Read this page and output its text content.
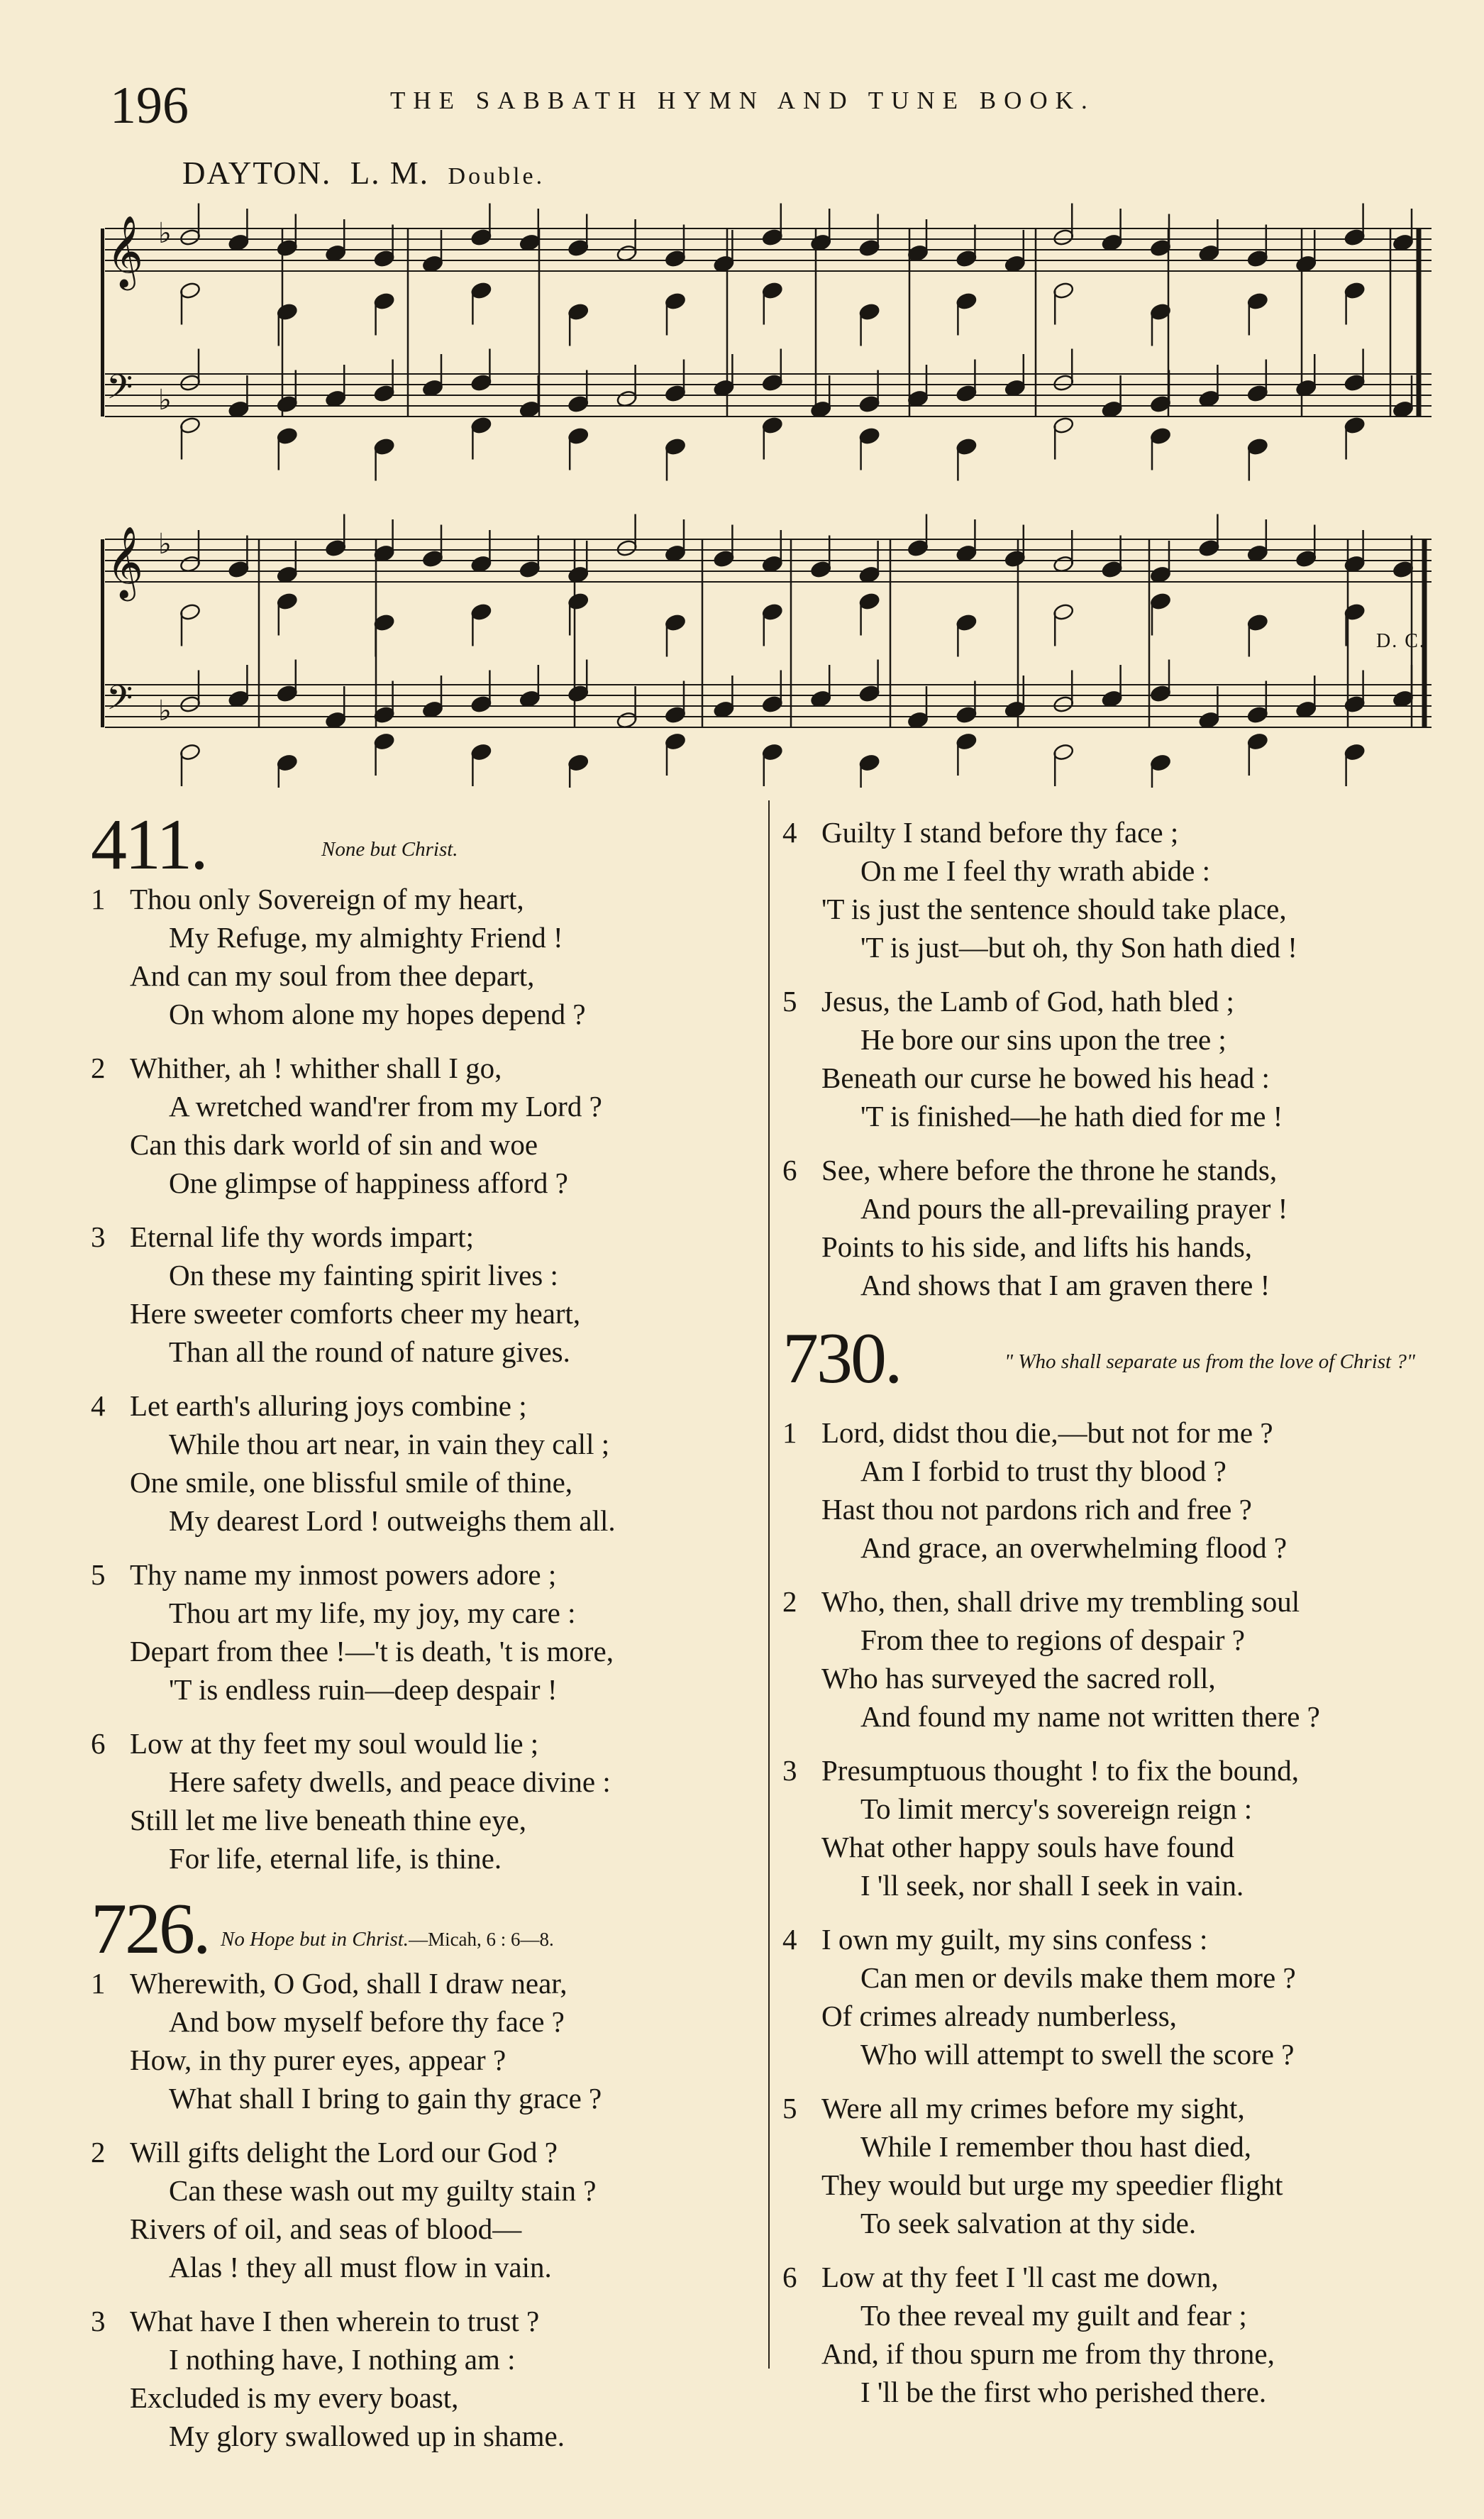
196	THE SABBATH HYMN AND TUNE BOOK.
DAYTON. L. M. Double.
𝄞 ♭
𝄢 ♭
𝄞 ♭
𝄢 ♭
D. C.
411.	None but Christ.
1 Thou only Sovereign of my heart,
My Refuge, my almighty Friend !
And can my soul from thee depart,
On whom alone my hopes depend ?
2 Whither, ah ! whither shall I go,
A wretched wand'rer from my Lord ?
Can this dark world of sin and woe
One glimpse of happiness afford ?
3 Eternal life thy words impart;
On these my fainting spirit lives :
Here sweeter comforts cheer my heart,
Than all the round of nature gives.
4 Let earth's alluring joys combine ;
While thou art near, in vain they call ;
One smile, one blissful smile of thine,
My dearest Lord ! outweighs them all.
5 Thy name my inmost powers adore ;
Thou art my life, my joy, my care :
Depart from thee !—'t is death, 't is more,
'T is endless ruin—deep despair !
6 Low at thy feet my soul would lie ;
Here safety dwells, and peace divine :
Still let me live beneath thine eye,
For life, eternal life, is thine.
726. No Hope but in Christ.—Micah, 6 : 6—8.
1 Wherewith, O God, shall I draw near,
And bow myself before thy face ?
How, in thy purer eyes, appear ?
What shall I bring to gain thy grace ?
2 Will gifts delight the Lord our God ?
Can these wash out my guilty stain ?
Rivers of oil, and seas of blood—
Alas ! they all must flow in vain.
3 What have I then wherein to trust ?
I nothing have, I nothing am :
Excluded is my every boast,
My glory swallowed up in shame.
4 Guilty I stand before thy face ;
On me I feel thy wrath abide :
'T is just the sentence should take place,
'T is just—but oh, thy Son hath died !
5 Jesus, the Lamb of God, hath bled ;
He bore our sins upon the tree ;
Beneath our curse he bowed his head :
'T is finished—he hath died for me !
6 See, where before the throne he stands,
And pours the all-prevailing prayer !
Points to his side, and lifts his hands,
And shows that I am graven there !
730.	" Who shall separate us from the love of Christ ?"
1 Lord, didst thou die,—but not for me ?
Am I forbid to trust thy blood ?
Hast thou not pardons rich and free ?
And grace, an overwhelming flood ?
2 Who, then, shall drive my trembling soul
From thee to regions of despair ?
Who has surveyed the sacred roll,
And found my name not written there ?
3 Presumptuous thought ! to fix the bound,
To limit mercy's sovereign reign :
What other happy souls have found
I 'll seek, nor shall I seek in vain.
4 I own my guilt, my sins confess :
Can men or devils make them more ?
Of crimes already numberless,
Who will attempt to swell the score ?
5 Were all my crimes before my sight,
While I remember thou hast died,
They would but urge my speedier flight
To seek salvation at thy side.
6 Low at thy feet I 'll cast me down,
To thee reveal my guilt and fear ;
And, if thou spurn me from thy throne,
I 'll be the first who perished there.
